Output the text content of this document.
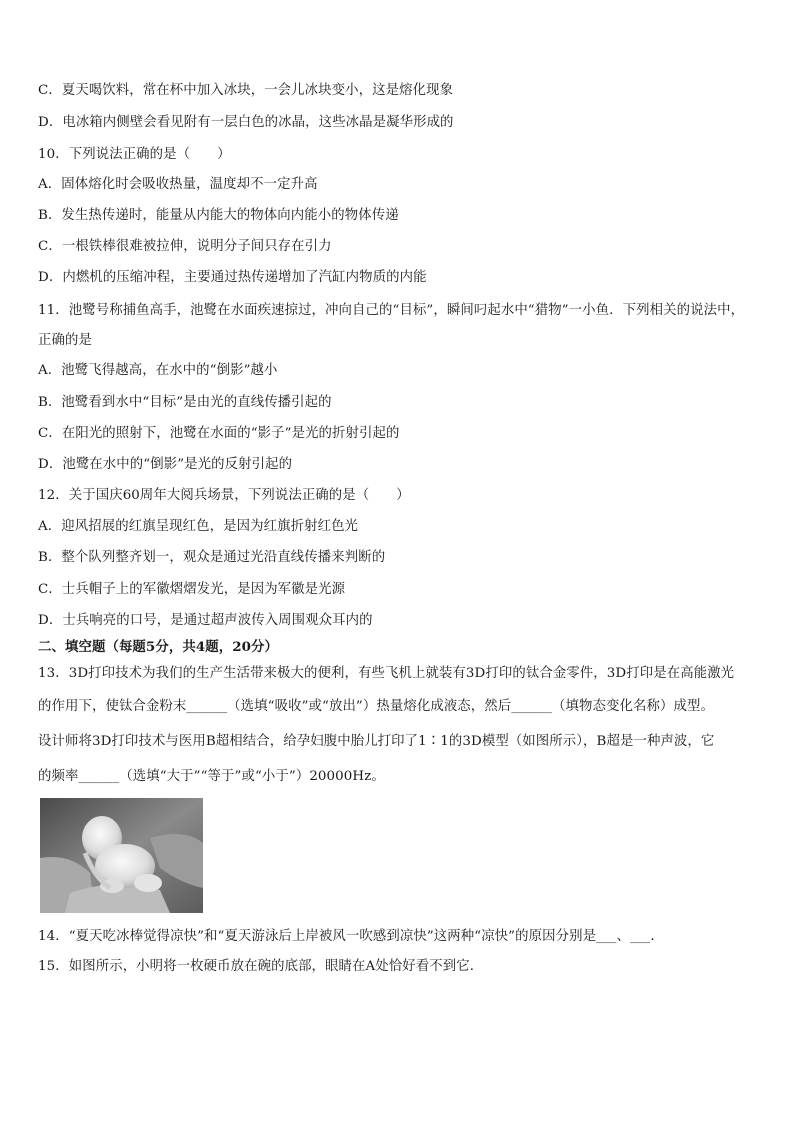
C．夏天喝饮料，常在杯中加入冰块，一会儿冰块变小，这是熔化现象
D．电冰箱内侧壁会看见附有一层白色的冰晶，这些冰晶是凝华形成的
10．下列说法正确的是（　　）
A．固体熔化时会吸收热量，温度却不一定升高
B．发生热传递时，能量从内能大的物体向内能小的物体传递
C．一根铁棒很难被拉伸，说明分子间只存在引力
D．内燃机的压缩冲程，主要通过热传递增加了汽缸内物质的内能
11．池鹭号称捕鱼高手，池鹭在水面疾速掠过，冲向自己的“目标”，瞬间叼起水中“猎物”一小鱼．下列相关的说法中，
正确的是
A．池鹭飞得越高，在水中的“倒影”越小
B．池鹭看到水中“目标”是由光的直线传播引起的
C．在阳光的照射下，池鹭在水面的“影子”是光的折射引起的
D．池鹭在水中的“倒影”是光的反射引起的
12．关于国庆60周年大阅兵场景，下列说法正确的是（　　）
A．迎风招展的红旗呈现红色，是因为红旗折射红色光
B．整个队列整齐划一，观众是通过光沿直线传播来判断的
C．士兵帽子上的军徽熠熠发光，是因为军徽是光源
D．士兵响亮的口号，是通过超声波传入周围观众耳内的
二、填空题（每题5分，共4题，20分）
13．3D打印技术为我们的生产生活带来极大的便利，有些飞机上就装有3D打印的钛合金零件，3D打印是在高能激光
的作用下，使钛合金粉末______（选填“吸收”或“放出”）热量熔化成液态，然后______（填物态变化名称）成型。
设计师将3D打印技术与医用B超相结合，给孕妇腹中胎儿打印了1∶1的3D模型（如图所示），B超是一种声波，它
的频率______（选填“大于”“等于”或“小于”）20000Hz。
14．“夏天吃冰棒觉得凉快”和“夏天游泳后上岸被风一吹感到凉快”这两种“凉快”的原因分别是___、___．
15．如图所示，小明将一枚硬币放在碗的底部，眼睛在A处恰好看不到它．
